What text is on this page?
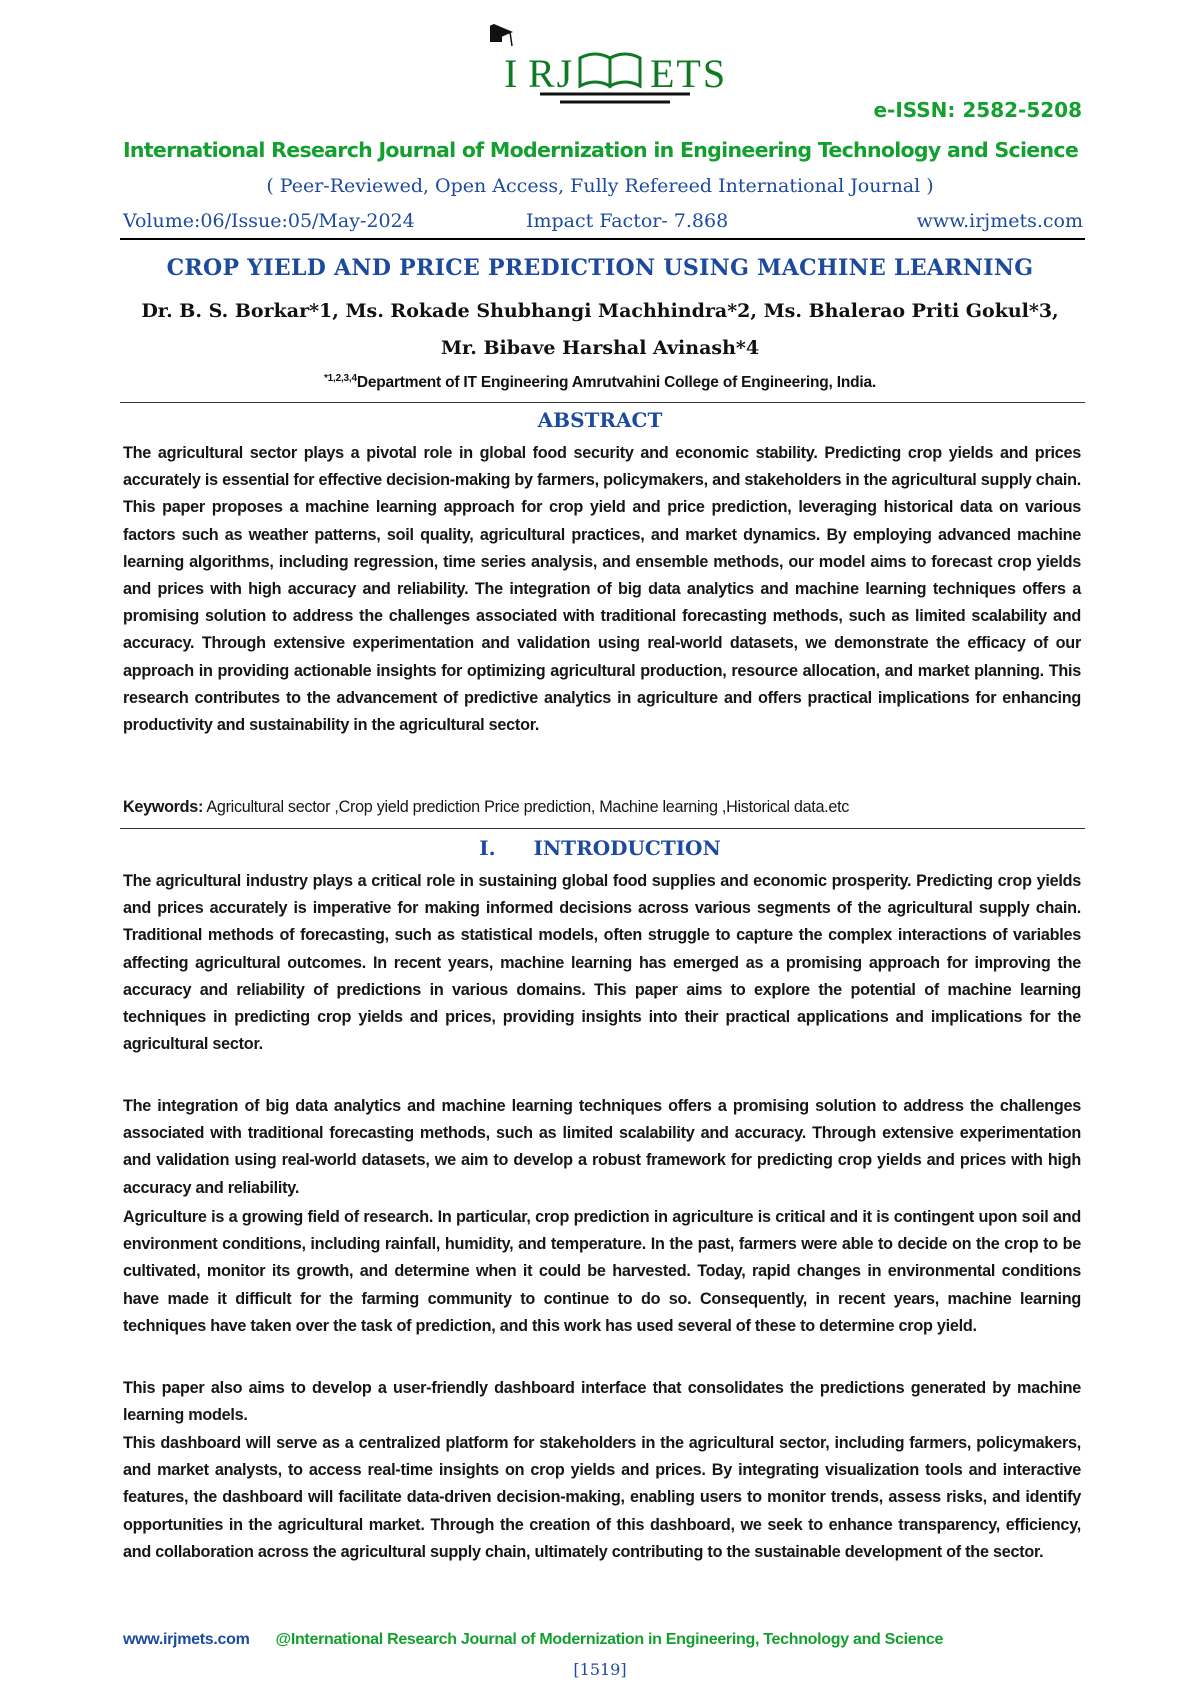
I RJ ETS
e-ISSN: 2582-5208
International Research Journal of Modernization in Engineering Technology and Science
( Peer-Reviewed, Open Access, Fully Refereed International Journal )
Volume:06/Issue:05/May-2024	Impact Factor- 7.868	www.irjmets.com
CROP YIELD AND PRICE PREDICTION USING MACHINE LEARNING
Dr. B. S. Borkar*1, Ms. Rokade Shubhangi Machhindra*2, Ms. Bhalerao Priti Gokul*3,
Mr. Bibave Harshal Avinash*4
$^{*1,2,3,4}$Department of IT Engineering Amrutvahini College of Engineering, India.
ABSTRACT
The agricultural sector plays a pivotal role in global food security and economic stability. Predicting crop yields and prices accurately is essential for effective decision-making by farmers, policymakers, and stakeholders in the agricultural supply chain. This paper proposes a machine learning approach for crop yield and price prediction, leveraging historical data on various factors such as weather patterns, soil quality, agricultural practices, and market dynamics. By employing advanced machine learning algorithms, including regression, time series analysis, and ensemble methods, our model aims to forecast crop yields and prices with high accuracy and reliability. The integration of big data analytics and machine learning techniques offers a promising solution to address the challenges associated with traditional forecasting methods, such as limited scalability and accuracy. Through extensive experimentation and validation using real-world datasets, we demonstrate the efficacy of our approach in providing actionable insights for optimizing agricultural production, resource allocation, and market planning. This research contributes to the advancement of predictive analytics in agriculture and offers practical implications for enhancing productivity and sustainability in the agricultural sector.
Keywords: Agricultural sector ,Crop yield prediction Price prediction, Machine learning ,Historical data.etc
I. INTRODUCTION
The agricultural industry plays a critical role in sustaining global food supplies and economic prosperity. Predicting crop yields and prices accurately is imperative for making informed decisions across various segments of the agricultural supply chain. Traditional methods of forecasting, such as statistical models, often struggle to capture the complex interactions of variables affecting agricultural outcomes. In recent years, machine learning has emerged as a promising approach for improving the accuracy and reliability of predictions in various domains. This paper aims to explore the potential of machine learning techniques in predicting crop yields and prices, providing insights into their practical applications and implications for the agricultural sector.
The integration of big data analytics and machine learning techniques offers a promising solution to address the challenges associated with traditional forecasting methods, such as limited scalability and accuracy. Through extensive experimentation and validation using real-world datasets, we aim to develop a robust framework for predicting crop yields and prices with high accuracy and reliability.
Agriculture is a growing field of research. In particular, crop prediction in agriculture is critical and it is contingent upon soil and environment conditions, including rainfall, humidity, and temperature. In the past, farmers were able to decide on the crop to be cultivated, monitor its growth, and determine when it could be harvested. Today, rapid changes in environmental conditions have made it difficult for the farming community to continue to do so. Consequently, in recent years, machine learning techniques have taken over the task of prediction, and this work has used several of these to determine crop yield.
This paper also aims to develop a user-friendly dashboard interface that consolidates the predictions generated by machine learning models.
This dashboard will serve as a centralized platform for stakeholders in the agricultural sector, including farmers, policymakers, and market analysts, to access real-time insights on crop yields and prices. By integrating visualization tools and interactive features, the dashboard will facilitate data-driven decision-making, enabling users to monitor trends, assess risks, and identify opportunities in the agricultural market. Through the creation of this dashboard, we seek to enhance transparency, efficiency, and collaboration across the agricultural supply chain, ultimately contributing to the sustainable development of the sector.
www.irjmets.com @International Research Journal of Modernization in Engineering, Technology and Science
[1519]
